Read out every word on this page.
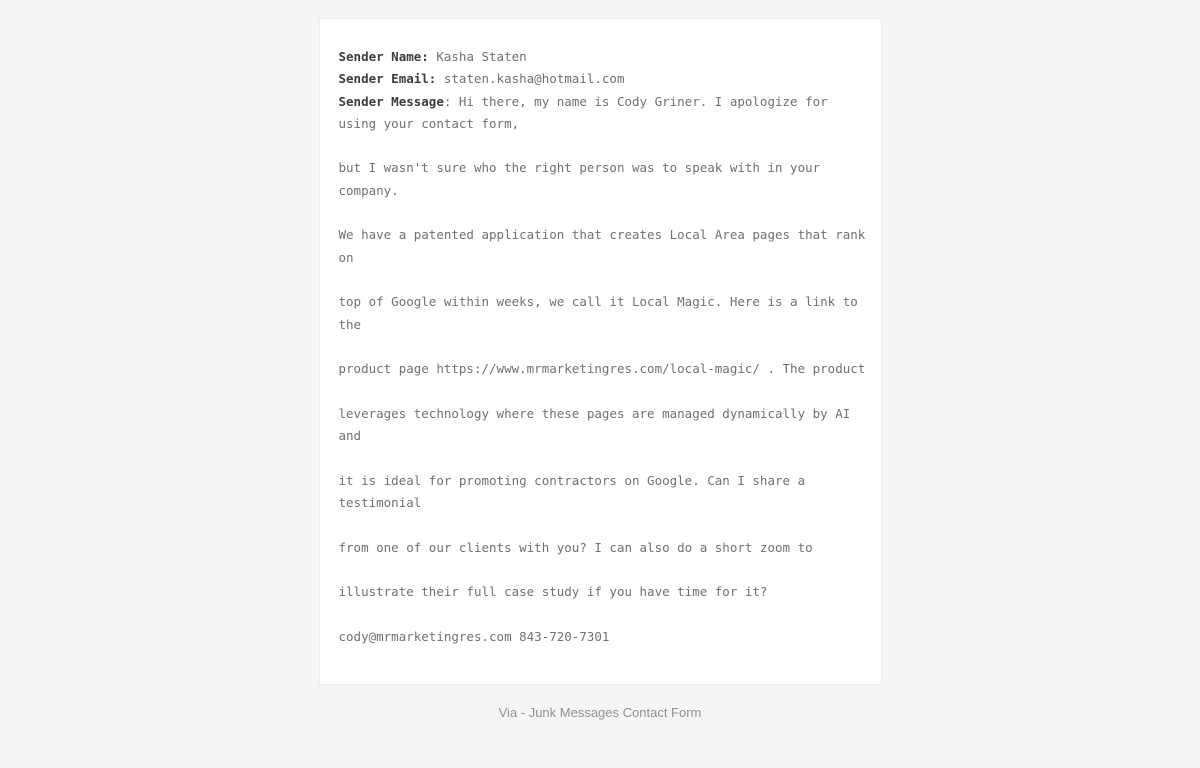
Sender Name: Kasha Staten

Sender Email: staten.kasha@hotmail.com

Sender Message: Hi there, my name is Cody Griner. I apologize for using your contact form,

but I wasn't sure who the right person was to speak with in your company.

We have a patented application that creates Local Area pages that rank on

top of Google within weeks, we call it Local Magic. Here is a link to the

product page https://www.mrmarketingres.com/local-magic/ . The product

leverages technology where these pages are managed dynamically by AI and

it is ideal for promoting contractors on Google. Can I share a testimonial

from one of our clients with you? I can also do a short zoom to

illustrate their full case study if you have time for it?

cody@mrmarketingres.com 843-720-7301

Via - Junk Messages Contact Form
